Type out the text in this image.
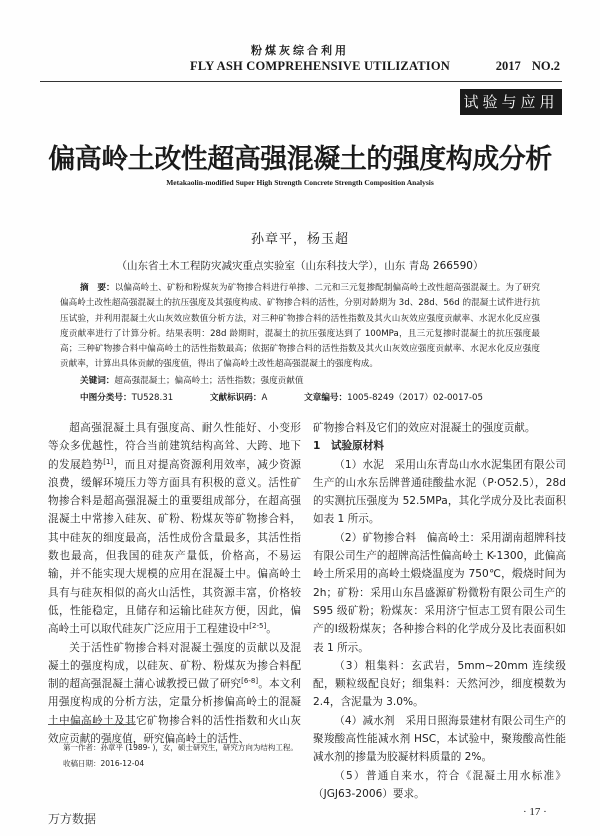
粉煤灰综合利用
FLY ASH COMPREHENSIVE UTILIZATION	2017 NO.2
试验与应用
偏高岭土改性超高强混凝土的强度构成分析
Metakaolin-modified Super High Strength Concrete Strength Composition Analysis
孙章平，杨玉超
（山东省土木工程防灾减灾重点实验室（山东科技大学），山东 青岛 266590）
摘　要：以偏高岭土、矿粉和粉煤灰为矿物掺合料进行单掺、二元和三元复掺配制偏高岭土改性超高强混凝土。为了研究偏高岭土改性超高强混凝土的抗压强度及其强度构成、矿物掺合料的活性，分别对龄期为 3d、28d、56d 的混凝土试件进行抗压试验，并利用混凝土火山灰效应数值分析方法，对三种矿物掺合料的活性指数及其火山灰效应强度贡献率、水泥水化反应强度贡献率进行了计算分析。结果表明：28d 龄期时，混凝土的抗压强度达到了 100MPa，且三元复掺时混凝土的抗压强度最高；三种矿物掺合料中偏高岭土的活性指数最高；依据矿物掺合料的活性指数及其火山灰效应强度贡献率、水泥水化反应强度贡献率，计算出具体贡献的强度值，得出了偏高岭土改性超高强混凝土的强度构成。
关键词：超高强混凝土；偏高岭土；活性指数；强度贡献值
中图分类号：TU528.31	文献标识码：A	文章编号：1005-8249（2017）02-0017-05

超高强混凝土具有强度高、耐久性能好、小变形等众多优越性，符合当前建筑结构高耸、大跨、地下的发展趋势[1]，而且对提高资源利用效率，减少资源浪费，缓解环境压力等方面具有积极的意义。活性矿物掺合料是超高强混凝土的重要组成部分，在超高强混凝土中常掺入硅灰、矿粉、粉煤灰等矿物掺合料，其中硅灰的细度最高，活性成份含量最多，其活性指数也最高，但我国的硅灰产量低，价格高，不易运输，并不能实现大规模的应用在混凝土中。偏高岭土具有与硅灰相似的高火山活性，其资源丰富，价格较低，性能稳定，且储存和运输比硅灰方便，因此，偏高岭土可以取代硅灰广泛应用于工程建设中[2-5]。

关于活性矿物掺合料对混凝土强度的贡献以及混凝土的强度构成，以硅灰、矿粉、粉煤灰为掺合料配制的超高强混凝土蒲心诚教授已做了研究[6-8]。本文利用强度构成的分析方法，定量分析掺偏高岭土的混凝土中偏高岭土及其它矿物掺合料的活性指数和火山灰效应贡献的强度值，研究偏高岭土的活性、

矿物掺合料及它们的效应对混凝土的强度贡献。

1　试验原材料

（1）水泥　采用山东青岛山水水泥集团有限公司生产的山水东岳牌普通硅酸盐水泥（P·O52.5），28d 的实测抗压强度为 52.5MPa，其化学成分及比表面积如表 1 所示。

（2）矿物掺合料　偏高岭土：采用湖南超牌科技有限公司生产的超牌高活性偏高岭土 K-1300，此偏高岭土所采用的高岭土煅烧温度为 750℃，煅烧时间为 2h；矿粉：采用山东昌盛源矿粉微粉有限公司生产的 S95 级矿粉；粉煤灰：采用济宁恒志工贸有限公司生产的Ⅰ级粉煤灰；各种掺合料的化学成分及比表面积如表 1 所示。

（3）粗集料：玄武岩，5mm~20mm 连续级配，颗粒级配良好；细集料：天然河沙，细度模数为 2.4，含泥量为 3.0%。

（4）减水剂　采用日照海景建材有限公司生产的聚羧酸高性能减水剂 HSC，本试验中，聚羧酸高性能减水剂的掺量为胶凝材料质量的 2%。

（5）普通自来水，符合《混凝土用水标准》（JGJ63-2006）要求。

第一作者：孙章平 (1989- )，女，硕士研究生，研究方向为结构工程。

收稿日期：2016-12-04

· 17 ·
万方数据
